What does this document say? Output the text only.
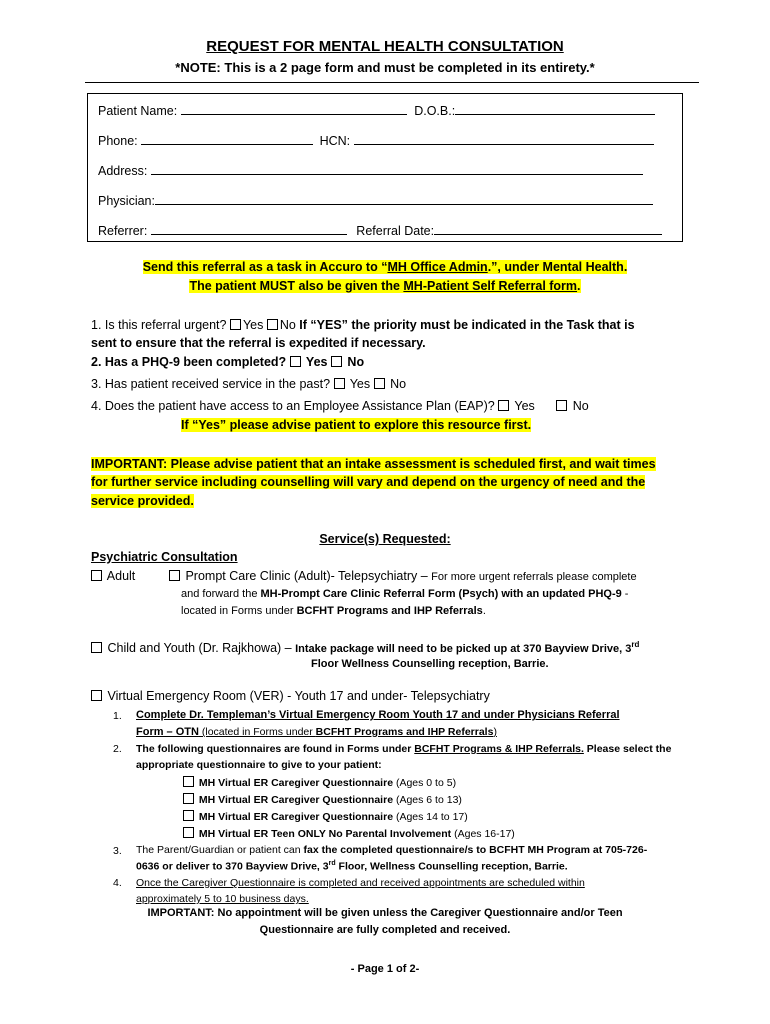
REQUEST FOR MENTAL HEALTH CONSULTATION
*NOTE: This is a 2 page form and must be completed in its entirety.*
Patient Name:	D.O.B.:
Phone:	HCN:
Address:
Physician:
Referrer:	Referral Date:
Send this referral as a task in Accuro to “MH Office Admin.”, under Mental Health.
The patient MUST also be given the MH-Patient Self Referral form.
1. Is this referral urgent? Yes No If “YES” the priority must be indicated in the Task that is
sent to ensure that the referral is expedited if necessary.
2. Has a PHQ-9 been completed?  Yes  No
3. Has patient received service in the past?  Yes  No
4. Does the patient have access to an Employee Assistance Plan (EAP)?  Yes  No
If “Yes” please advise patient to explore this resource first.
IMPORTANT: Please advise patient that an intake assessment is scheduled first, and wait times
for further service including counselling will vary and depend on the urgency of need and the
service provided.
Service(s) Requested:
Psychiatric Consultation
Adult	Prompt Care Clinic (Adult)- Telepsychiatry – For more urgent referrals please complete
and forward the MH-Prompt Care Clinic Referral Form (Psych) with an updated PHQ-9 -
located in Forms under BCFHT Programs and IHP Referrals.
Child and Youth (Dr. Rajkhowa) – Intake package will need to be picked up at 370 Bayview Drive, 3rd
Floor Wellness Counselling reception, Barrie.
Virtual Emergency Room (VER) - Youth 17 and under- Telepsychiatry
1. Complete Dr. Templeman’s Virtual Emergency Room Youth 17 and under Physicians Referral
Form – OTN (located in Forms under BCFHT Programs and IHP Referrals)
2. The following questionnaires are found in Forms under BCFHT Programs & IHP Referrals. Please select the
appropriate questionnaire to give to your patient:
MH Virtual ER Caregiver Questionnaire (Ages 0 to 5)
MH Virtual ER Caregiver Questionnaire (Ages 6 to 13)
MH Virtual ER Caregiver Questionnaire (Ages 14 to 17)
MH Virtual ER Teen ONLY No Parental Involvement (Ages 16-17)
3. The Parent/Guardian or patient can fax the completed questionnaire/s to BCFHT MH Program at 705-726-
0636 or deliver to 370 Bayview Drive, 3rd Floor, Wellness Counselling reception, Barrie.
4. Once the Caregiver Questionnaire is completed and received appointments are scheduled within
approximately 5 to 10 business days.
IMPORTANT: No appointment will be given unless the Caregiver Questionnaire and/or Teen
Questionnaire are fully completed and received.
- Page 1 of 2-
